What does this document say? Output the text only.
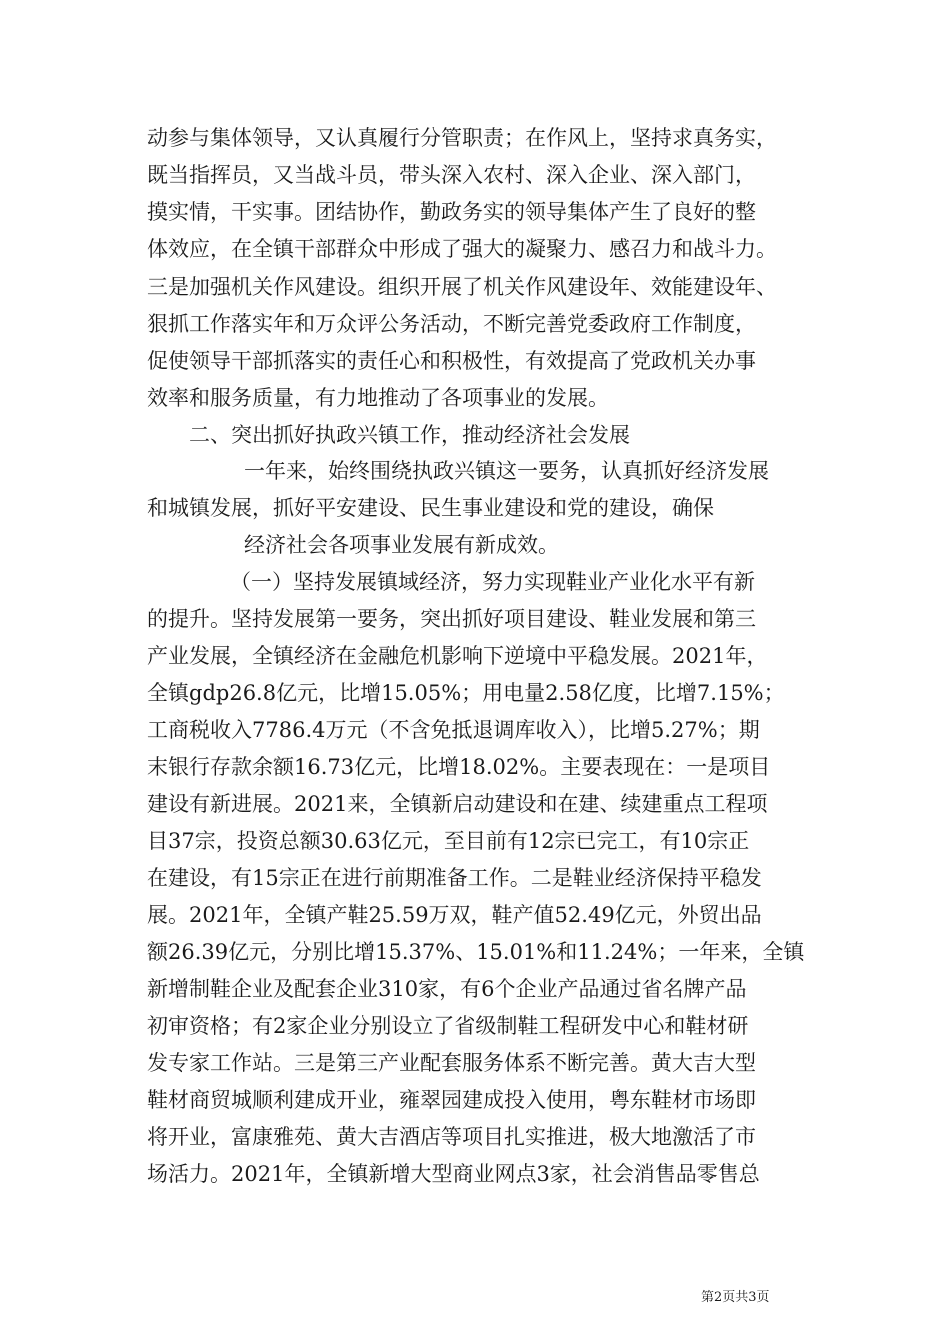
动参与集体领导，又认真履行分管职责；在作风上，坚持求真务实，
既当指挥员，又当战斗员，带头深入农村、深入企业、深入部门，
摸实情，干实事。团结协作，勤政务实的领导集体产生了良好的整
体效应，在全镇干部群众中形成了强大的凝聚力、感召力和战斗力。
三是加强机关作风建设。组织开展了机关作风建设年、效能建设年、
狠抓工作落实年和万众评公务活动，不断完善党委政府工作制度，
促使领导干部抓落实的责任心和积极性，有效提高了党政机关办事
效率和服务质量，有力地推动了各项事业的发展。
二、突出抓好执政兴镇工作，推动经济社会发展
一年来，始终围绕执政兴镇这一要务，认真抓好经济发展
和城镇发展，抓好平安建设、民生事业建设和党的建设，确保
经济社会各项事业发展有新成效。
（一）坚持发展镇域经济，努力实现鞋业产业化水平有新
的提升。坚持发展第一要务，突出抓好项目建设、鞋业发展和第三
产业发展，全镇经济在金融危机影响下逆境中平稳发展。2021年，
全镇gdp26.8亿元，比增15.05%；用电量2.58亿度，比增7.15%；
工商税收入7786.4万元（不含免抵退调库收入），比增5.27%；期
末银行存款余额16.73亿元，比增18.02%。主要表现在：一是项目
建设有新进展。2021来，全镇新启动建设和在建、续建重点工程项
目37宗，投资总额30.63亿元，至目前有12宗已完工，有10宗正
在建设，有15宗正在进行前期准备工作。二是鞋业经济保持平稳发
展。2021年，全镇产鞋25.59万双，鞋产值52.49亿元，外贸出品
额26.39亿元，分别比增15.37%、15.01%和11.24%；一年来，全镇
新增制鞋企业及配套企业310家，有6个企业产品通过省名牌产品
初审资格；有2家企业分别设立了省级制鞋工程研发中心和鞋材研
发专家工作站。三是第三产业配套服务体系不断完善。黄大吉大型
鞋材商贸城顺利建成开业，雍翠园建成投入使用，粤东鞋材市场即
将开业，富康雅苑、黄大吉酒店等项目扎实推进，极大地激活了市
场活力。2021年，全镇新增大型商业网点3家，社会消售品零售总
第2页共3页
